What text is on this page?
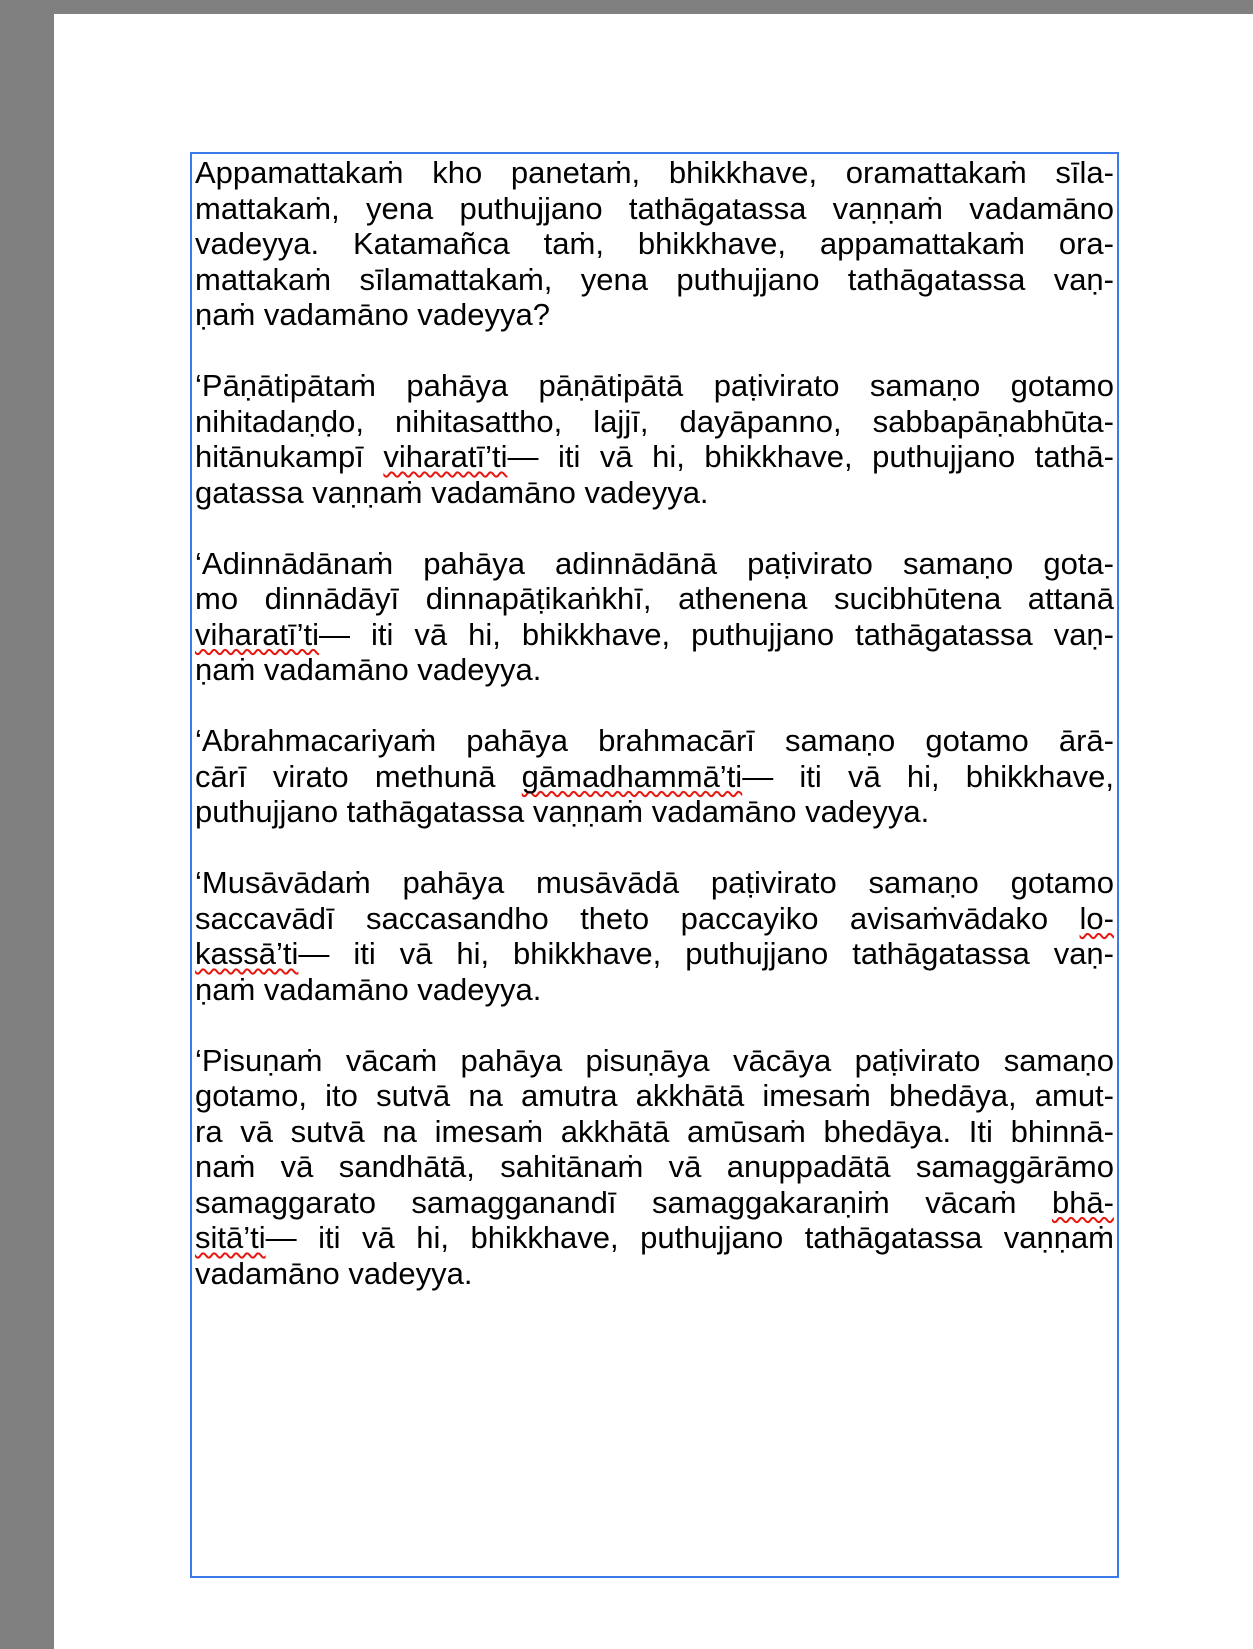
Appamattakaṁ kho panetaṁ, bhikkhave, oramattakaṁ sīla-
mattakaṁ, yena puthujjano tathāgatassa vaṇṇaṁ vadamāno
vadeyya. Katamañca taṁ, bhikkhave, appamattakaṁ ora-
mattakaṁ sīlamattakaṁ, yena puthujjano tathāgatassa vaṇ-
ṇaṁ vadamāno vadeyya?
‘Pāṇātipātaṁ pahāya pāṇātipātā paṭivirato samaṇo gotamo
nihitadaṇḍo, nihitasattho, lajjī, dayāpanno, sabbapāṇabhūta-
hitānukampī viharatī’ti— iti vā hi, bhikkhave, puthujjano tathā-
gatassa vaṇṇaṁ vadamāno vadeyya.
‘Adinnādānaṁ pahāya adinnādānā paṭivirato samaṇo gota-
mo dinnādāyī dinnapāṭikaṅkhī, athenena sucibhūtena attanā
viharatī’ti— iti vā hi, bhikkhave, puthujjano tathāgatassa vaṇ-
ṇaṁ vadamāno vadeyya.
‘Abrahmacariyaṁ pahāya brahmacārī samaṇo gotamo ārā-
cārī virato methunā gāmadhammā’ti— iti vā hi, bhikkhave,
puthujjano tathāgatassa vaṇṇaṁ vadamāno vadeyya.
‘Musāvādaṁ pahāya musāvādā paṭivirato samaṇo gotamo
saccavādī saccasandho theto paccayiko avisaṁvādako lo-
kassā’ti— iti vā hi, bhikkhave, puthujjano tathāgatassa vaṇ-
ṇaṁ vadamāno vadeyya.
‘Pisuṇaṁ vācaṁ pahāya pisuṇāya vācāya paṭivirato samaṇo
gotamo, ito sutvā na amutra akkhātā imesaṁ bhedāya, amut-
ra vā sutvā na imesaṁ akkhātā amūsaṁ bhedāya. Iti bhinnā-
naṁ vā sandhātā, sahitānaṁ vā anuppadātā samaggārāmo
samaggarato samagganandī samaggakaraṇiṁ vācaṁ bhā-
sitā’ti— iti vā hi, bhikkhave, puthujjano tathāgatassa vaṇṇaṁ
vadamāno vadeyya.
